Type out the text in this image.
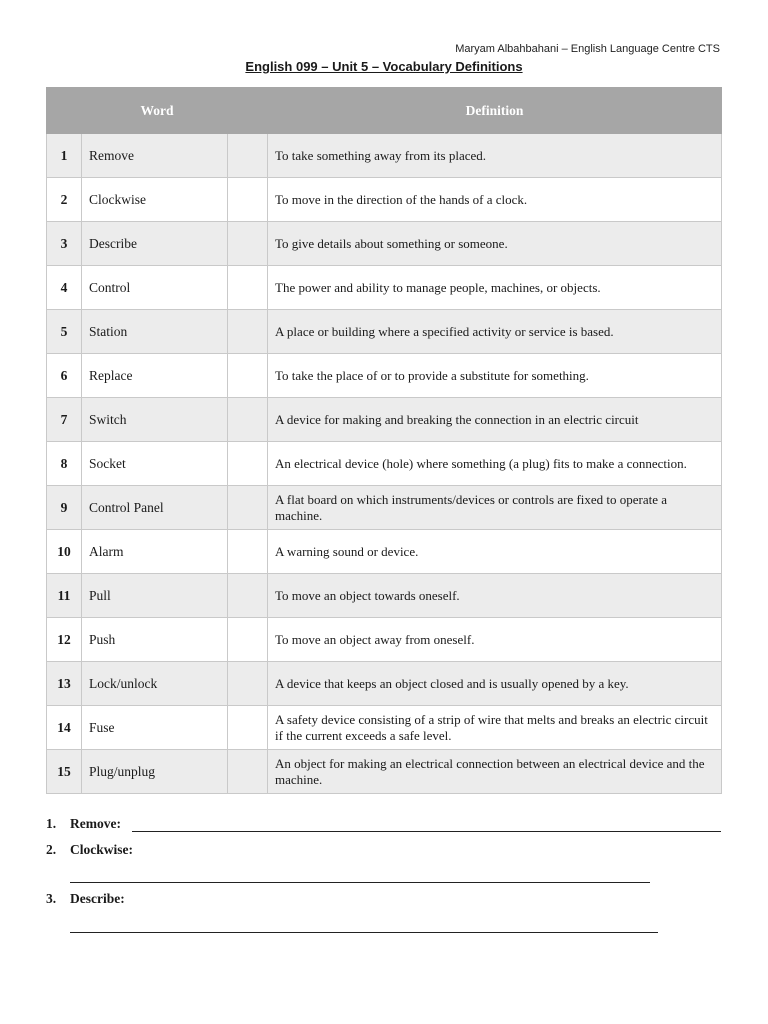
Maryam Albahbahani – English Language Centre CTS
English 099 – Unit 5 – Vocabulary Definitions
Word			Definition
1	Remove		To take something away from its placed.
2	Clockwise		To move in the direction of the hands of a clock.
3	Describe		To give details about something or someone.
4	Control		The power and ability to manage people, machines, or objects.
5	Station		A place or building where a specified activity or service is based.
6	Replace		To take the place of or to provide a substitute for something.
7	Switch		A device for making and breaking the connection in an electric circuit
8	Socket		An electrical device (hole) where something (a plug) fits to make a connection.
9	Control Panel		A flat board on which instruments/devices or controls are fixed to operate a machine.
10	Alarm		A warning sound or device.
11	Pull		To move an object towards oneself.
12	Push		To move an object away from oneself.
13	Lock/unlock		A device that keeps an object closed and is usually opened by a key.
14	Fuse		A safety device consisting of a strip of wire that melts and breaks an electric circuit if the current exceeds a safe level.
15	Plug/unplug		An object for making an electrical connection between an electrical device and the machine.
1. Remove:
2. Clockwise:
3. Describe:
